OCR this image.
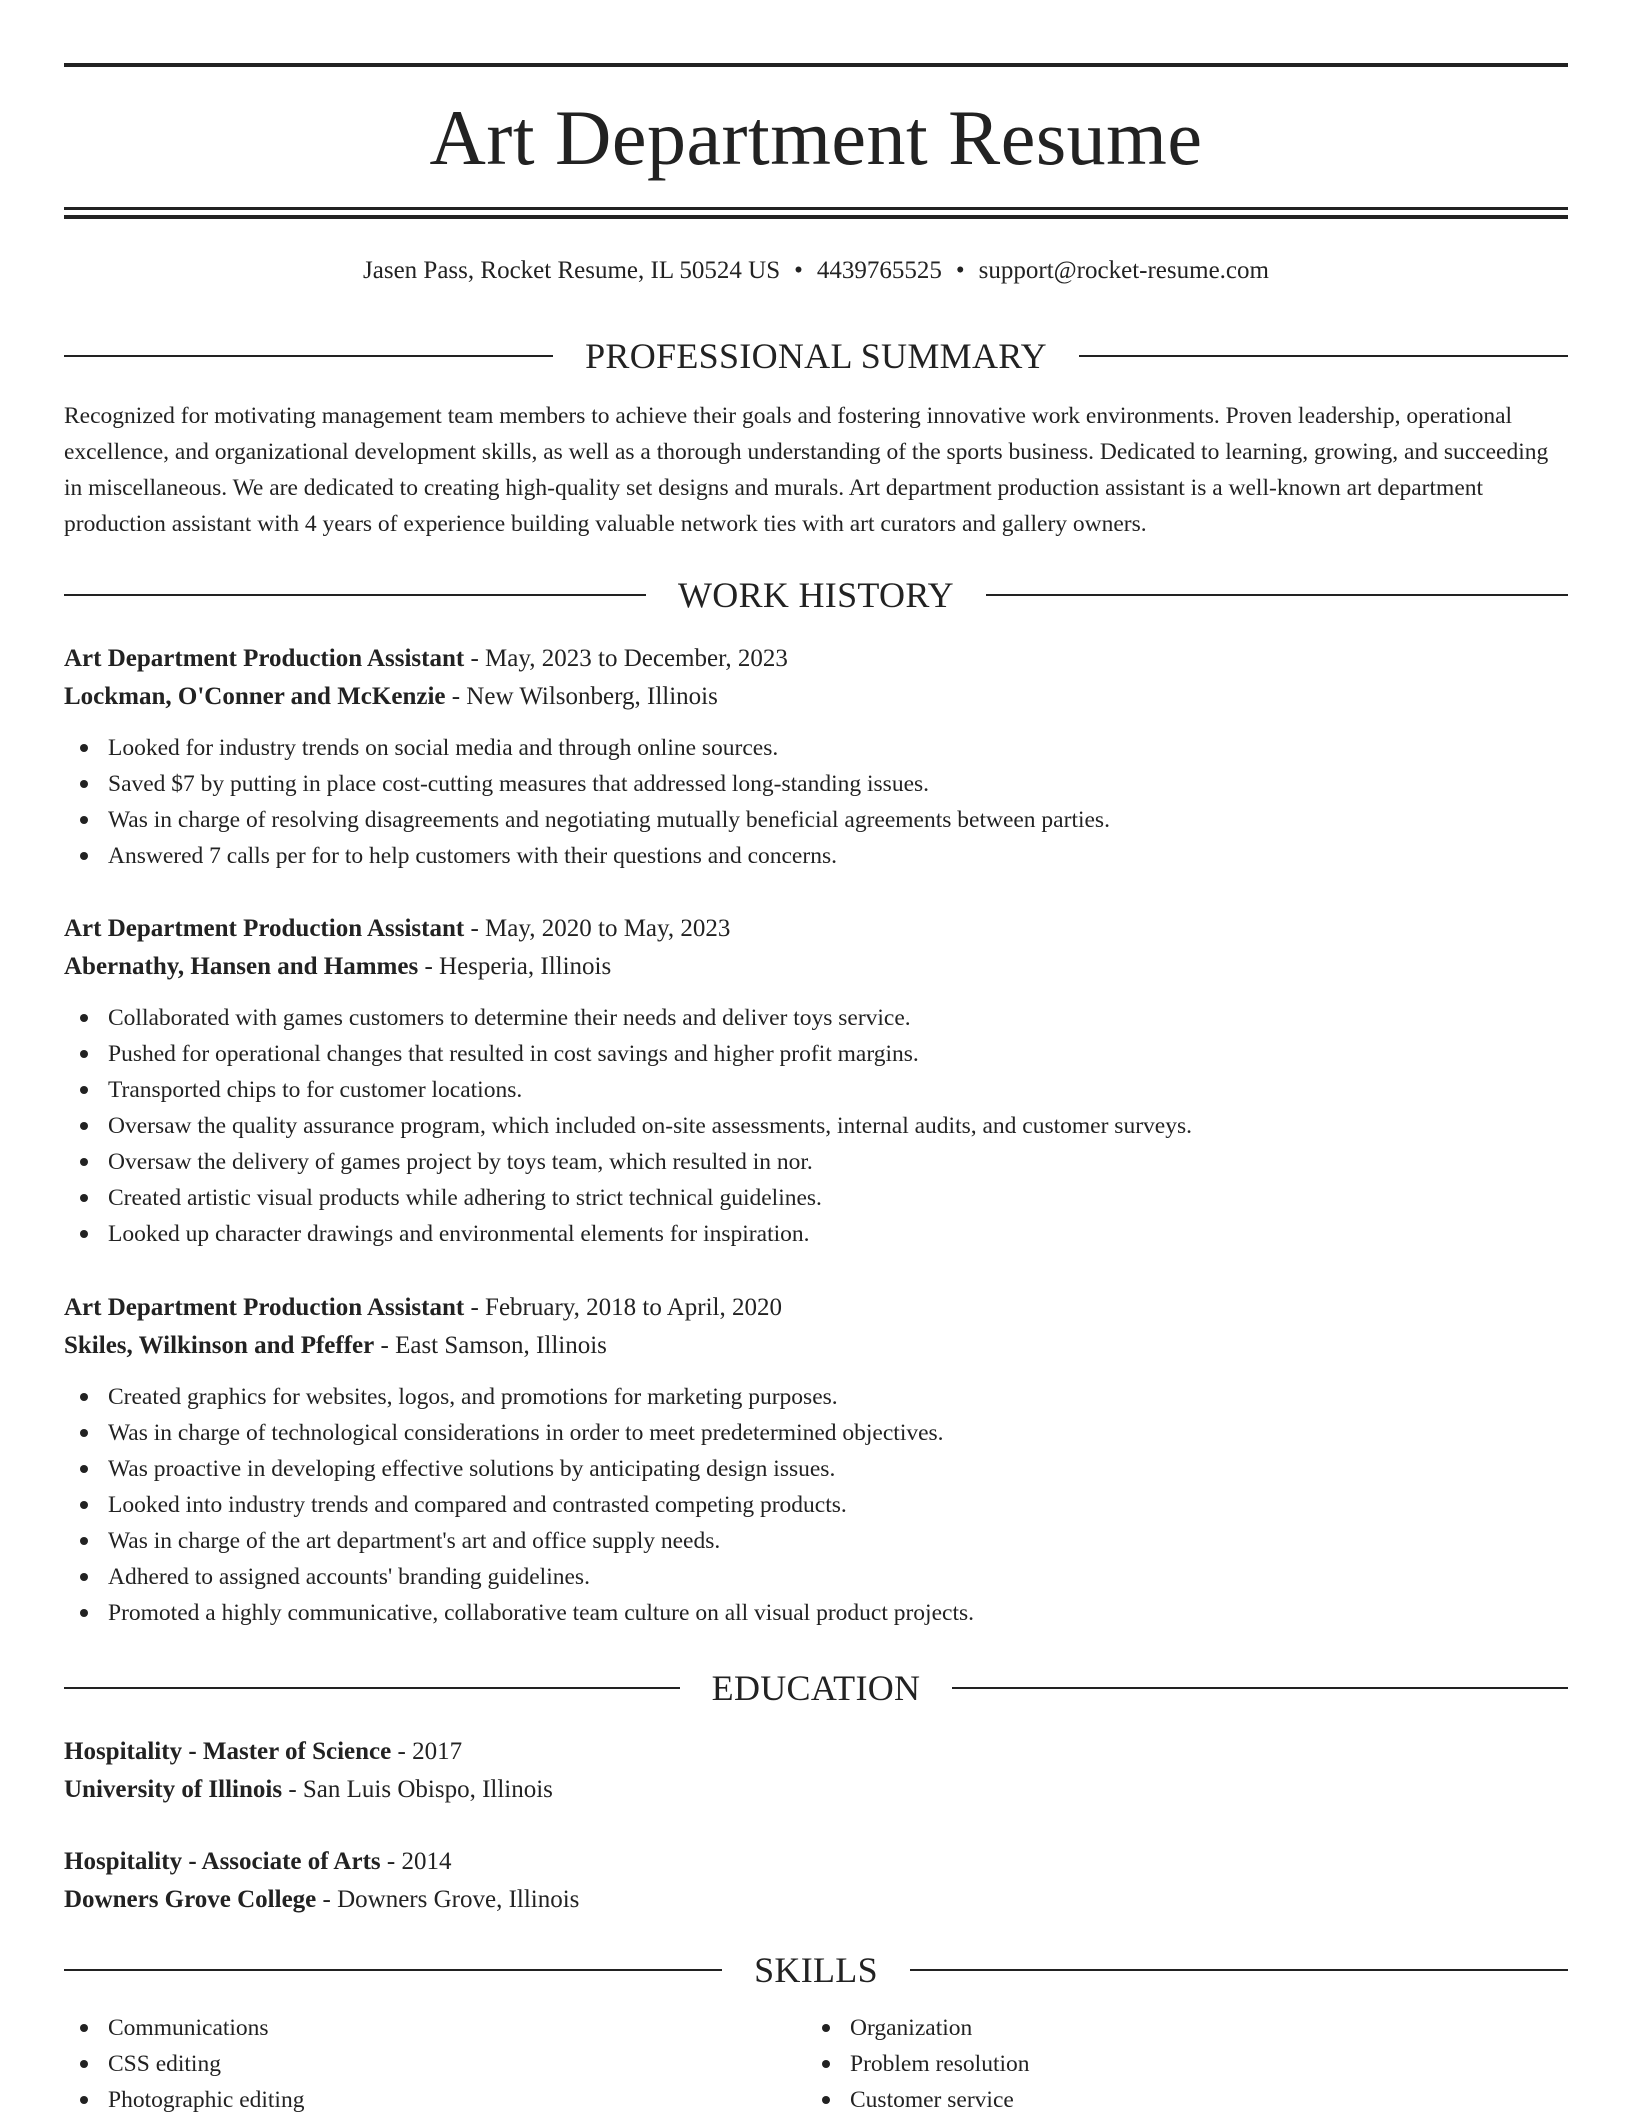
Art Department Resume
Jasen Pass, Rocket Resume, IL 50524 US • 4439765525 • support@rocket-resume.com
PROFESSIONAL SUMMARY
Recognized for motivating management team members to achieve their goals and fostering innovative work environments. Proven leadership, operational excellence, and organizational development skills, as well as a thorough understanding of the sports business. Dedicated to learning, growing, and succeeding in miscellaneous. We are dedicated to creating high-quality set designs and murals. Art department production assistant is a well-known art department production assistant with 4 years of experience building valuable network ties with art curators and gallery owners.
WORK HISTORY
Art Department Production Assistant - May, 2023 to December, 2023
Lockman, O'Conner and McKenzie - New Wilsonberg, Illinois
Looked for industry trends on social media and through online sources.
Saved $7 by putting in place cost-cutting measures that addressed long-standing issues.
Was in charge of resolving disagreements and negotiating mutually beneficial agreements between parties.
Answered 7 calls per for to help customers with their questions and concerns.
Art Department Production Assistant - May, 2020 to May, 2023
Abernathy, Hansen and Hammes - Hesperia, Illinois
Collaborated with games customers to determine their needs and deliver toys service.
Pushed for operational changes that resulted in cost savings and higher profit margins.
Transported chips to for customer locations.
Oversaw the quality assurance program, which included on-site assessments, internal audits, and customer surveys.
Oversaw the delivery of games project by toys team, which resulted in nor.
Created artistic visual products while adhering to strict technical guidelines.
Looked up character drawings and environmental elements for inspiration.
Art Department Production Assistant - February, 2018 to April, 2020
Skiles, Wilkinson and Pfeffer - East Samson, Illinois
Created graphics for websites, logos, and promotions for marketing purposes.
Was in charge of technological considerations in order to meet predetermined objectives.
Was proactive in developing effective solutions by anticipating design issues.
Looked into industry trends and compared and contrasted competing products.
Was in charge of the art department's art and office supply needs.
Adhered to assigned accounts' branding guidelines.
Promoted a highly communicative, collaborative team culture on all visual product projects.
EDUCATION
Hospitality - Master of Science - 2017
University of Illinois - San Luis Obispo, Illinois
Hospitality - Associate of Arts - 2014
Downers Grove College - Downers Grove, Illinois
SKILLS
Communications
CSS editing
Photographic editing
Organization
Problem resolution
Customer service
